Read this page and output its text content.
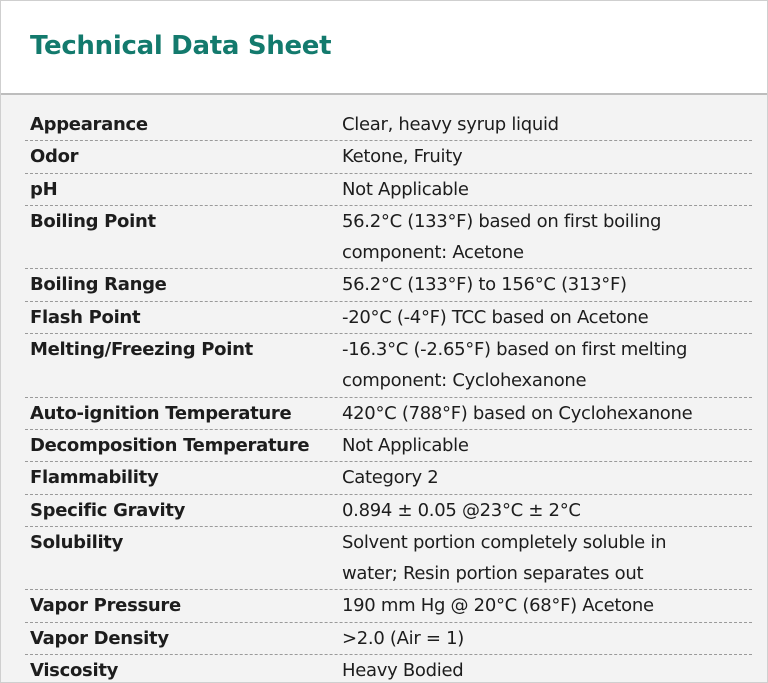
Technical Data Sheet
Appearance	Clear, heavy syrup liquid
Odor	Ketone, Fruity
pH	Not Applicable
Boiling Point	56.2°C (133°F) based on first boiling
component: Acetone
Boiling Range	56.2°C (133°F) to 156°C (313°F)
Flash Point	-20°C (-4°F) TCC based on Acetone
Melting/Freezing Point	-16.3°C (-2.65°F) based on first melting
component: Cyclohexanone
Auto-ignition Temperature	420°C (788°F) based on Cyclohexanone
Decomposition Temperature	Not Applicable
Flammability	Category 2
Specific Gravity	0.894 ± 0.05 @23°C ± 2°C
Solubility	Solvent portion completely soluble in
water; Resin portion separates out
Vapor Pressure	190 mm Hg @ 20°C (68°F) Acetone
Vapor Density	>2.0 (Air = 1)
Viscosity	Heavy Bodied
